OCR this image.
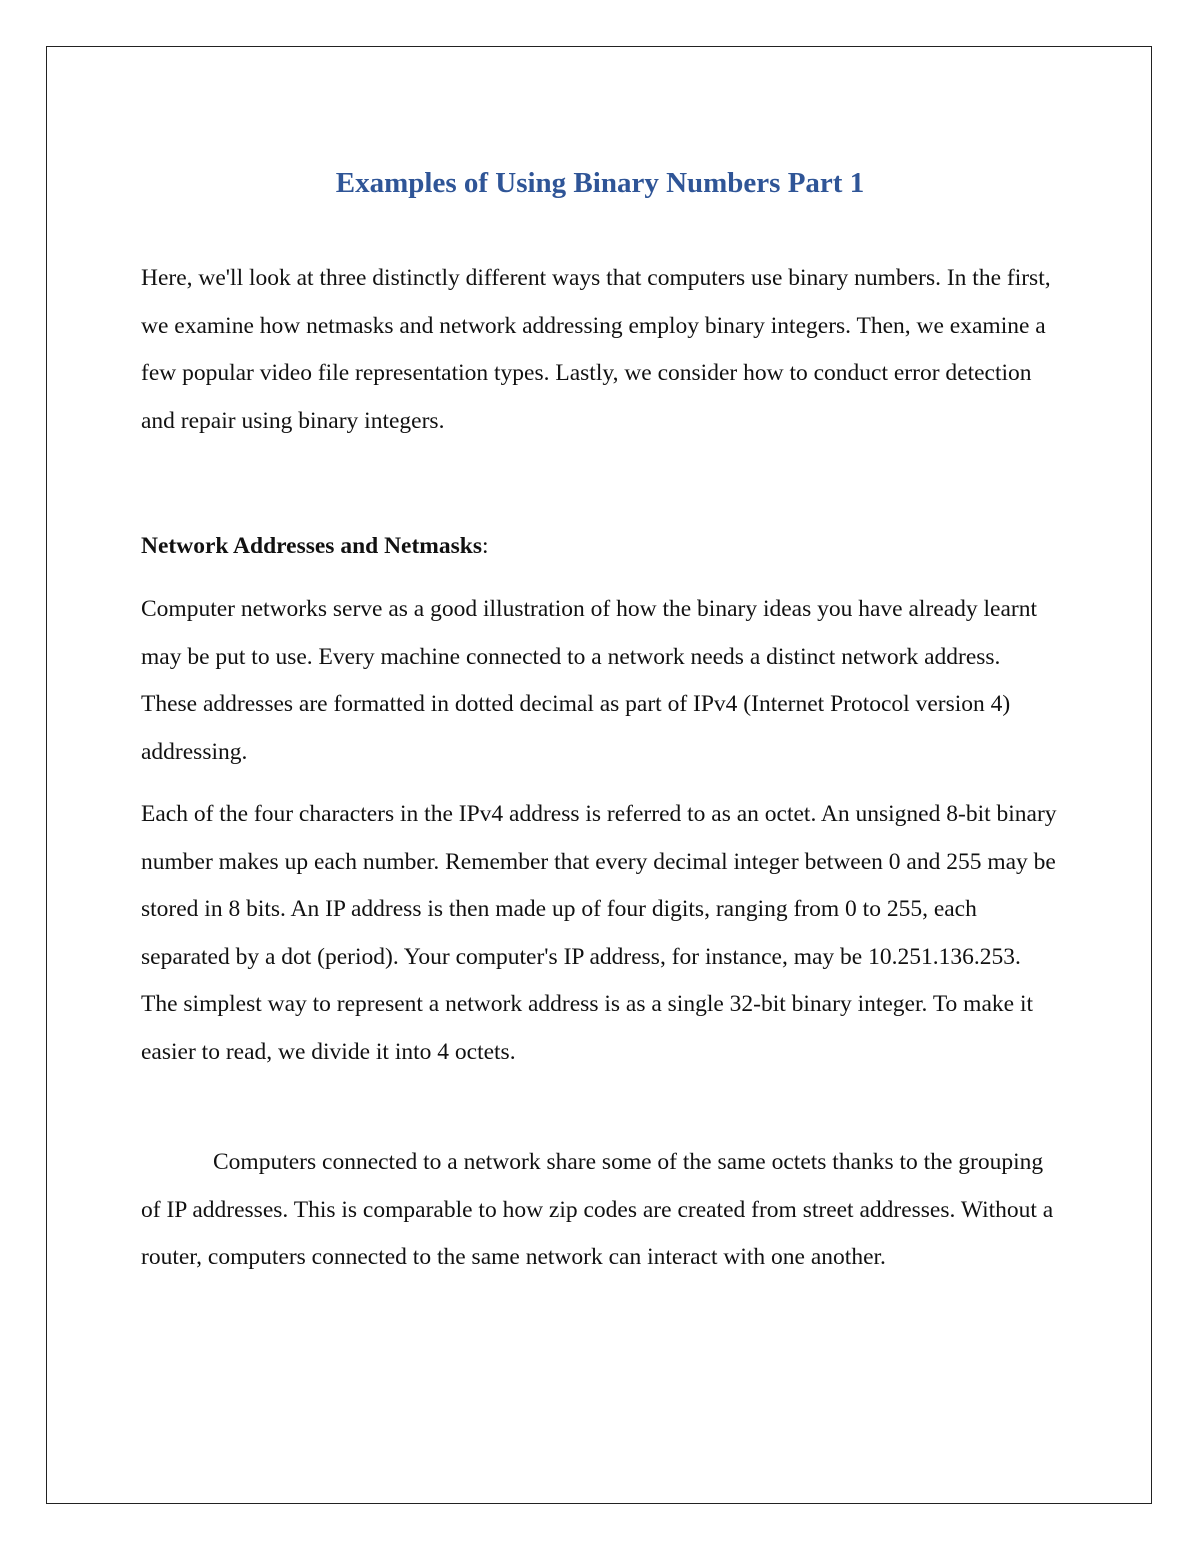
Examples of Using Binary Numbers Part 1

Here, we'll look at three distinctly different ways that computers use binary numbers. In the first, we examine how netmasks and network addressing employ binary integers. Then, we examine a few popular video file representation types. Lastly, we consider how to conduct error detection and repair using binary integers.

Network Addresses and Netmasks:

Computer networks serve as a good illustration of how the binary ideas you have already learnt may be put to use. Every machine connected to a network needs a distinct network address. These addresses are formatted in dotted decimal as part of IPv4 (Internet Protocol version 4) addressing.

Each of the four characters in the IPv4 address is referred to as an octet. An unsigned 8-bit binary number makes up each number. Remember that every decimal integer between 0 and 255 may be stored in 8 bits. An IP address is then made up of four digits, ranging from 0 to 255, each separated by a dot (period). Your computer's IP address, for instance, may be 10.251.136.253. The simplest way to represent a network address is as a single 32-bit binary integer. To make it easier to read, we divide it into 4 octets.

Computers connected to a network share some of the same octets thanks to the grouping of IP addresses. This is comparable to how zip codes are created from street addresses. Without a router, computers connected to the same network can interact with one another.
